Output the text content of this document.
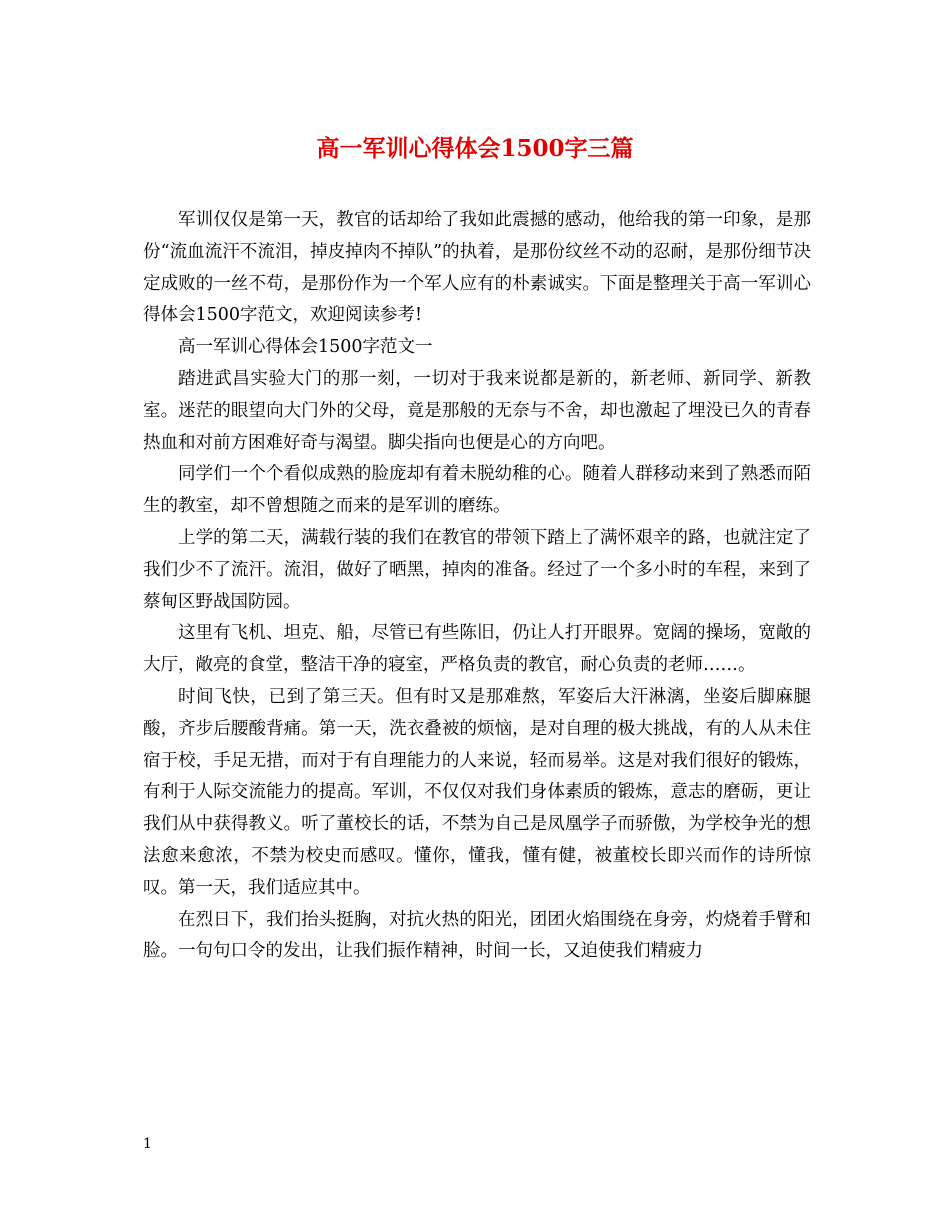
高一军训心得体会1500字三篇

军训仅仅是第一天，教官的话却给了我如此震撼的感动，他给我的第一印象，是那份“流血流汗不流泪，掉皮掉肉不掉队”的执着，是那份纹丝不动的忍耐，是那份细节决定成败的一丝不苟，是那份作为一个军人应有的朴素诚实。下面是整理关于高一军训心得体会1500字范文，欢迎阅读参考!

高一军训心得体会1500字范文一

踏进武昌实验大门的那一刻，一切对于我来说都是新的，新老师、新同学、新教室。迷茫的眼望向大门外的父母，竟是那般的无奈与不舍，却也激起了埋没已久的青春热血和对前方困难好奇与渴望。脚尖指向也便是心的方向吧。

同学们一个个看似成熟的脸庞却有着未脱幼稚的心。随着人群移动来到了熟悉而陌生的教室，却不曾想随之而来的是军训的磨练。

上学的第二天，满载行装的我们在教官的带领下踏上了满怀艰辛的路，也就注定了我们少不了流汗。流泪，做好了晒黑，掉肉的准备。经过了一个多小时的车程，来到了蔡甸区野战国防园。

这里有飞机、坦克、船，尽管已有些陈旧，仍让人打开眼界。宽阔的操场，宽敞的大厅，敞亮的食堂，整洁干净的寝室，严格负责的教官，耐心负责的老师……。

时间飞快，已到了第三天。但有时又是那难熬，军姿后大汗淋漓，坐姿后脚麻腿酸，齐步后腰酸背痛。第一天，洗衣叠被的烦恼，是对自理的极大挑战，有的人从未住宿于校，手足无措，而对于有自理能力的人来说，轻而易举。这是对我们很好的锻炼，有利于人际交流能力的提高。军训，不仅仅对我们身体素质的锻炼，意志的磨砺，更让我们从中获得教义。听了董校长的话，不禁为自己是凤凰学子而骄傲，为学校争光的想法愈来愈浓，不禁为校史而感叹。懂你，懂我，懂有健，被董校长即兴而作的诗所惊叹。第一天，我们适应其中。

在烈日下，我们抬头挺胸，对抗火热的阳光，团团火焰围绕在身旁，灼烧着手臂和脸。一句句口令的发出，让我们振作精神，时间一长，又迫使我们精疲力

1
